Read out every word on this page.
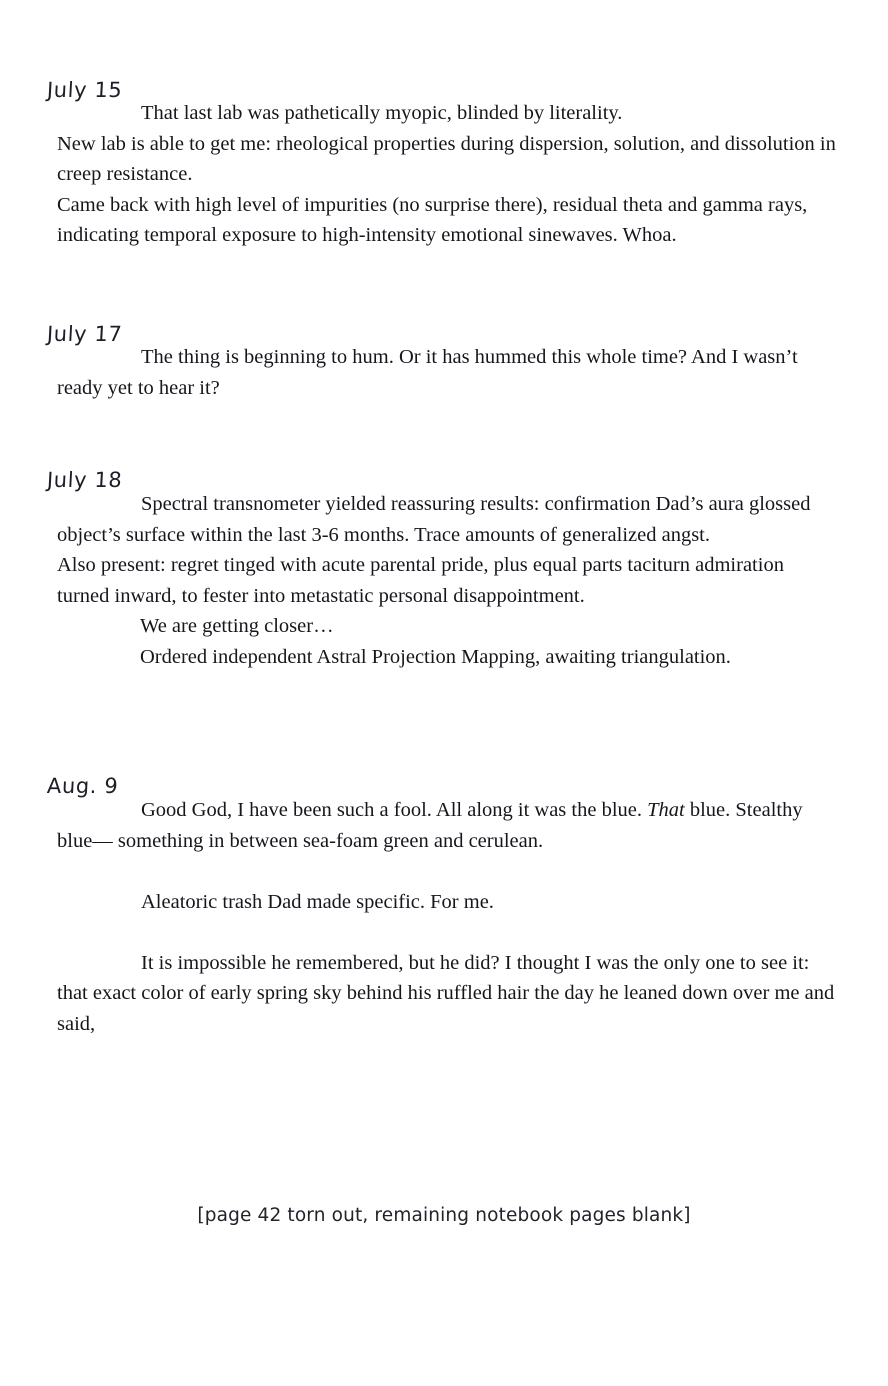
July 15

That last lab was pathetically myopic, blinded by literality.

New lab is able to get me: rheological properties during dispersion, solution, and dissolution in creep resistance.

Came back with high level of impurities (no surprise there), residual theta and gamma rays, indicating temporal exposure to high-intensity emotional sinewaves. Whoa.

July 17

The thing is beginning to hum. Or it has hummed this whole time? And I wasn’t ready yet to hear it?

July 18

Spectral transnometer yielded reassuring results: confirmation Dad’s aura glossed object’s surface within the last 3-6 months. Trace amounts of generalized angst.

Also present: regret tinged with acute parental pride, plus equal parts taciturn admiration turned inward, to fester into metastatic personal disappointment.

We are getting closer…

Ordered independent Astral Projection Mapping, awaiting triangulation.

Aug. 9

Good God, I have been such a fool. All along it was the blue. That blue. Stealthy blue— something in between sea-foam green and cerulean.

Aleatoric trash Dad made specific. For me.

It is impossible he remembered, but he did? I thought I was the only one to see it: that exact color of early spring sky behind his ruffled hair the day he leaned down over me and said,

[page 42 torn out, remaining notebook pages blank]
